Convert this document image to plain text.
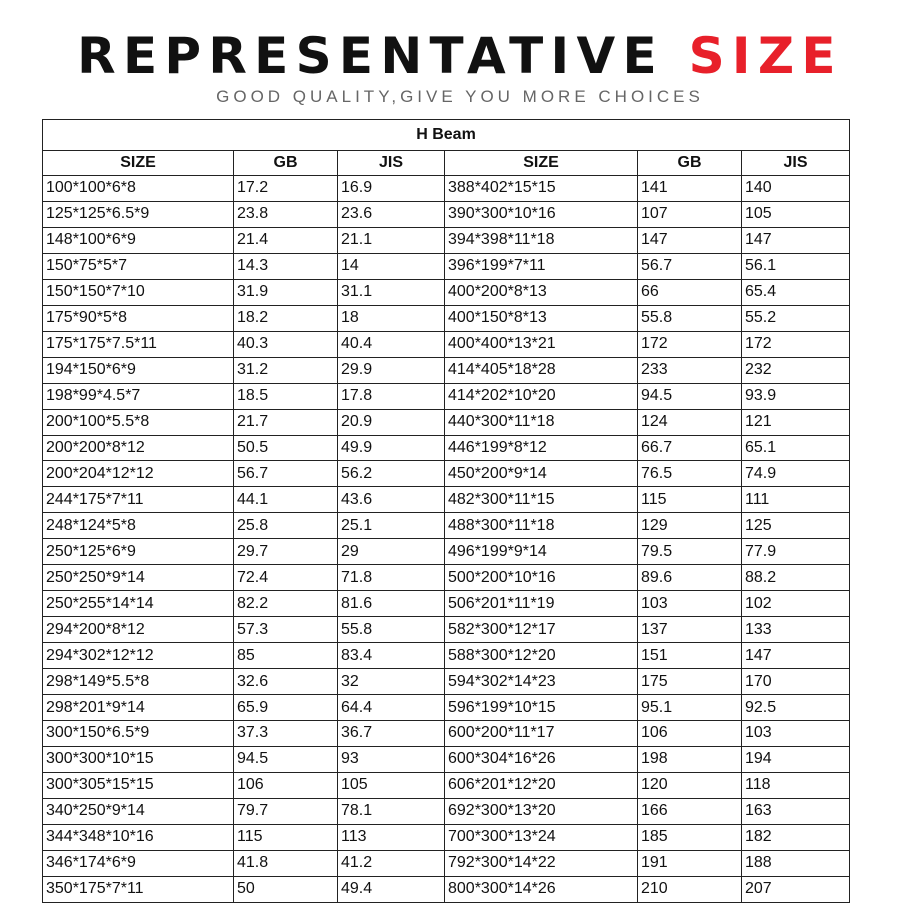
REPRESENTATIVE SIZE
GOOD QUALITY,GIVE YOU MORE CHOICES
H Beam					
SIZE	GB	JIS	SIZE	GB	JIS
100*100*6*8	17.2	16.9	388*402*15*15	141	140
125*125*6.5*9	23.8	23.6	390*300*10*16	107	105
148*100*6*9	21.4	21.1	394*398*11*18	147	147
150*75*5*7	14.3	14	396*199*7*11	56.7	56.1
150*150*7*10	31.9	31.1	400*200*8*13	66	65.4
175*90*5*8	18.2	18	400*150*8*13	55.8	55.2
175*175*7.5*11	40.3	40.4	400*400*13*21	172	172
194*150*6*9	31.2	29.9	414*405*18*28	233	232
198*99*4.5*7	18.5	17.8	414*202*10*20	94.5	93.9
200*100*5.5*8	21.7	20.9	440*300*11*18	124	121
200*200*8*12	50.5	49.9	446*199*8*12	66.7	65.1
200*204*12*12	56.7	56.2	450*200*9*14	76.5	74.9
244*175*7*11	44.1	43.6	482*300*11*15	115	111
248*124*5*8	25.8	25.1	488*300*11*18	129	125
250*125*6*9	29.7	29	496*199*9*14	79.5	77.9
250*250*9*14	72.4	71.8	500*200*10*16	89.6	88.2
250*255*14*14	82.2	81.6	506*201*11*19	103	102
294*200*8*12	57.3	55.8	582*300*12*17	137	133
294*302*12*12	85	83.4	588*300*12*20	151	147
298*149*5.5*8	32.6	32	594*302*14*23	175	170
298*201*9*14	65.9	64.4	596*199*10*15	95.1	92.5
300*150*6.5*9	37.3	36.7	600*200*11*17	106	103
300*300*10*15	94.5	93	600*304*16*26	198	194
300*305*15*15	106	105	606*201*12*20	120	118
340*250*9*14	79.7	78.1	692*300*13*20	166	163
344*348*10*16	115	113	700*300*13*24	185	182
346*174*6*9	41.8	41.2	792*300*14*22	191	188
350*175*7*11	50	49.4	800*300*14*26	210	207
